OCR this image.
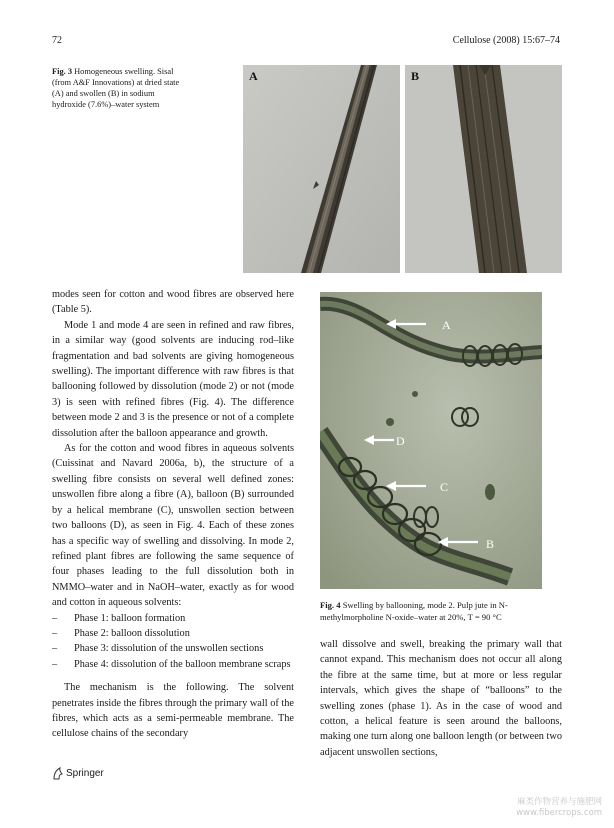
72	Cellulose (2008) 15:67–74
Fig. 3 Homogeneous swelling. Sisal (from A&F Innovations) at dried state (A) and swollen (B) in sodium hydroxide (7.6%)–water system
A	B
A
D
C
B
Fig. 4 Swelling by ballooning, mode 2. Pulp jute in N-methylmorpholine N-oxide–water at 20%, T = 90 °C

modes seen for cotton and wood fibres are observed here (Table 5).

Mode 1 and mode 4 are seen in refined and raw fibres, in a similar way (good solvents are inducing rod–like fragmentation and bad solvents are giving homogeneous swelling). The important difference with raw fibres is that ballooning followed by dissolution (mode 2) or not (mode 3) is seen with refined fibres (Fig. 4). The difference between mode 2 and 3 is the presence or not of a complete dissolution after the balloon appearance and growth.

As for the cotton and wood fibres in aqueous solvents (Cuissinat and Navard 2006a, b), the structure of a swelling fibre consists on several well defined zones: unswollen fibre along a fibre (A), balloon (B) surrounded by a helical membrane (C), unswollen section between two balloons (D), as seen in Fig. 4. Each of these zones has a specific way of swelling and dissolving. In mode 2, refined plant fibres are following the same sequence of four phases leading to the full dissolution both in NMMO–water and in NaOH–water, exactly as for wood and cotton in aqueous solvents:

–	Phase 1: balloon formation
–	Phase 2: balloon dissolution
–	Phase 3: dissolution of the unswollen sections
–	Phase 4: dissolution of the balloon membrane scraps

The mechanism is the following. The solvent penetrates inside the fibres through the primary wall of the fibres, which acts as a semi-permeable membrane. The cellulose chains of the secondary

wall dissolve and swell, breaking the primary wall that cannot expand. This mechanism does not occur all along the fibre at the same time, but at more or less regular intervals, which gives the shape of “balloons” to the swelling zones (phase 1). As in the case of wood and cotton, a helical feature is seen around the balloons, making one turn along one balloon length (or between two adjacent unswollen sections,

Springer
麻类作物营养与施肥网
www.fibercrops.com
